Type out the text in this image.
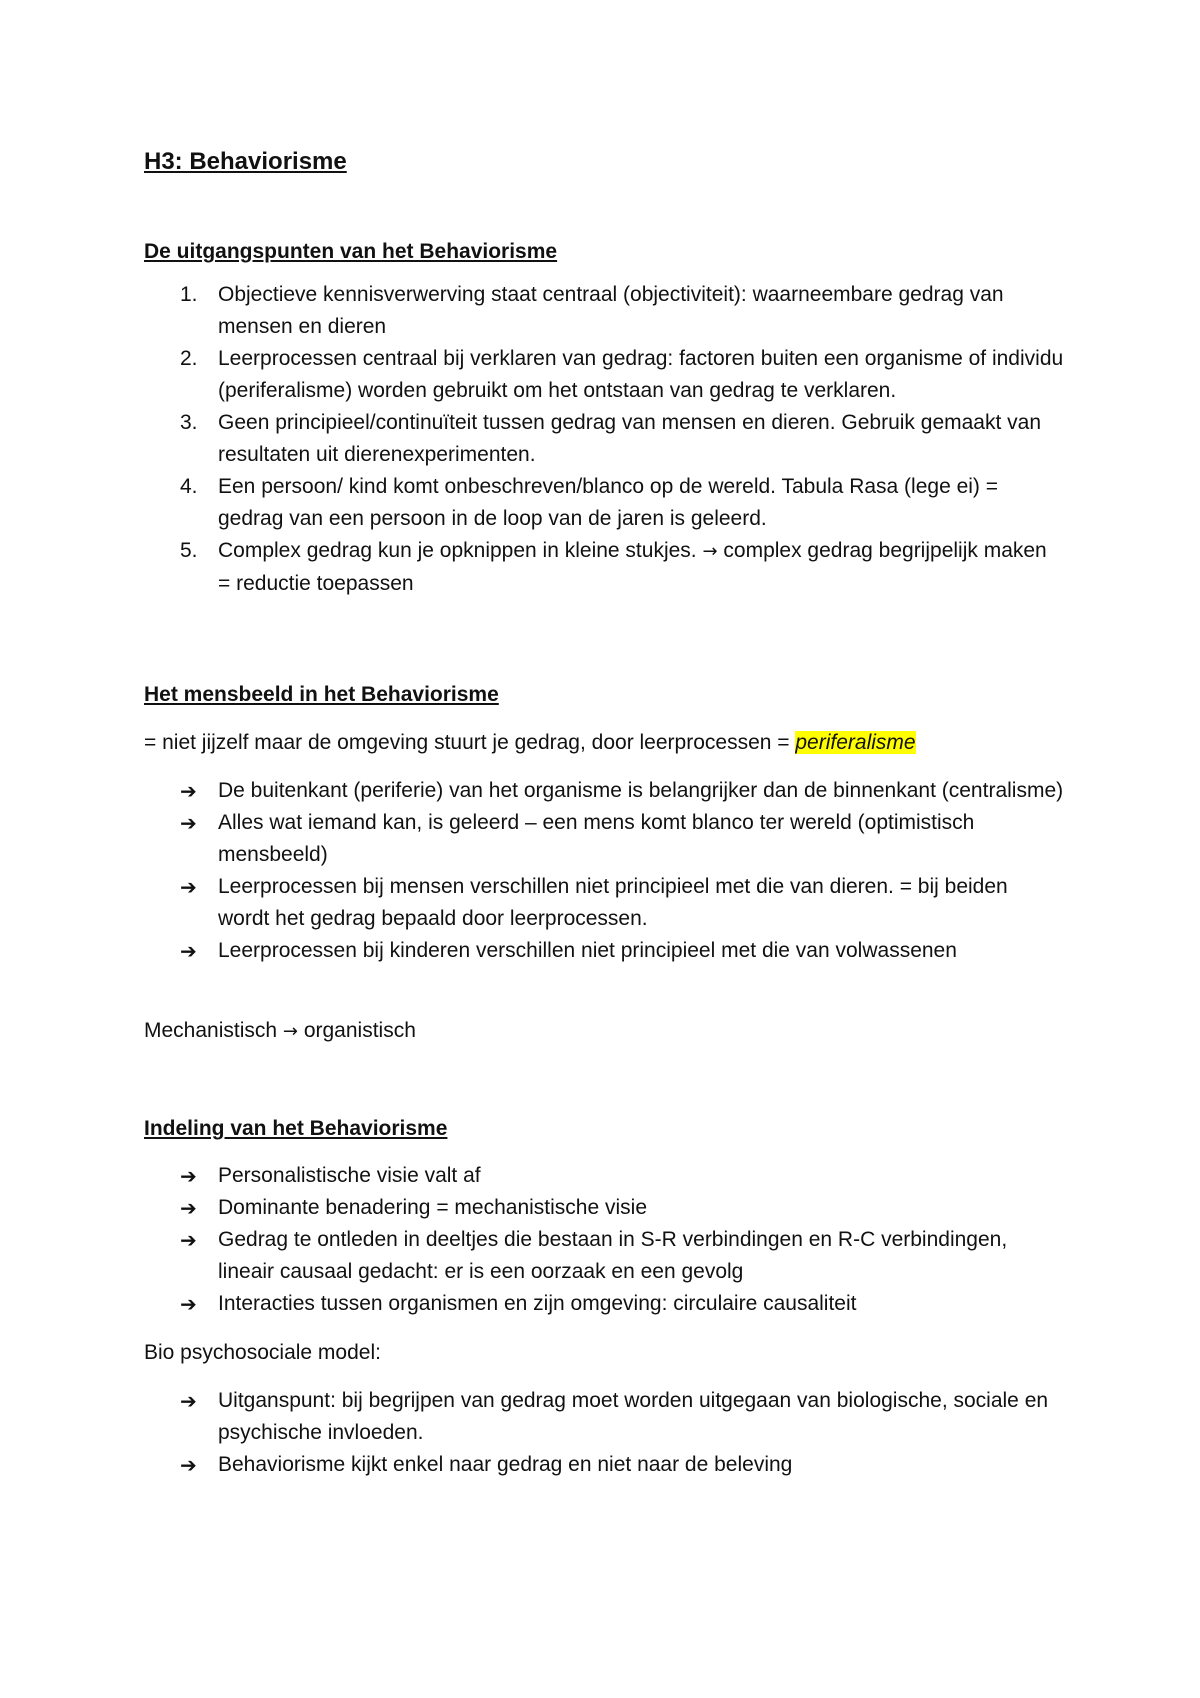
H3: Behaviorisme
De uitgangspunten van het Behaviorisme
1. Objectieve kennisverwerving staat centraal (objectiviteit): waarneembare gedrag van mensen en dieren
2. Leerprocessen centraal bij verklaren van gedrag: factoren buiten een organisme of individu (periferalisme) worden gebruikt om het ontstaan van gedrag te verklaren.
3. Geen principieel/continuïteit tussen gedrag van mensen en dieren. Gebruik gemaakt van resultaten uit dierenexperimenten.
4. Een persoon/ kind komt onbeschreven/blanco op de wereld. Tabula Rasa (lege ei) = gedrag van een persoon in de loop van de jaren is geleerd.
5. Complex gedrag kun je opknippen in kleine stukjes. → complex gedrag begrijpelijk maken = reductie toepassen
Het mensbeeld in het Behaviorisme

= niet jijzelf maar de omgeving stuurt je gedrag, door leerprocessen = periferalisme

➔ De buitenkant (periferie) van het organisme is belangrijker dan de binnenkant (centralisme)
➔ Alles wat iemand kan, is geleerd – een mens komt blanco ter wereld (optimistisch mensbeeld)
➔ Leerprocessen bij mensen verschillen niet principieel met die van dieren. = bij beiden wordt het gedrag bepaald door leerprocessen.
➔ Leerprocessen bij kinderen verschillen niet principieel met die van volwassenen

Mechanistisch → organistisch

Indeling van het Behaviorisme
➔ Personalistische visie valt af
➔ Dominante benadering = mechanistische visie
➔ Gedrag te ontleden in deeltjes die bestaan in S-R verbindingen en R-C verbindingen, lineair causaal gedacht: er is een oorzaak en een gevolg
➔ Interacties tussen organismen en zijn omgeving: circulaire causaliteit

Bio psychosociale model:

➔ Uitganspunt: bij begrijpen van gedrag moet worden uitgegaan van biologische, sociale en psychische invloeden.
➔ Behaviorisme kijkt enkel naar gedrag en niet naar de beleving
